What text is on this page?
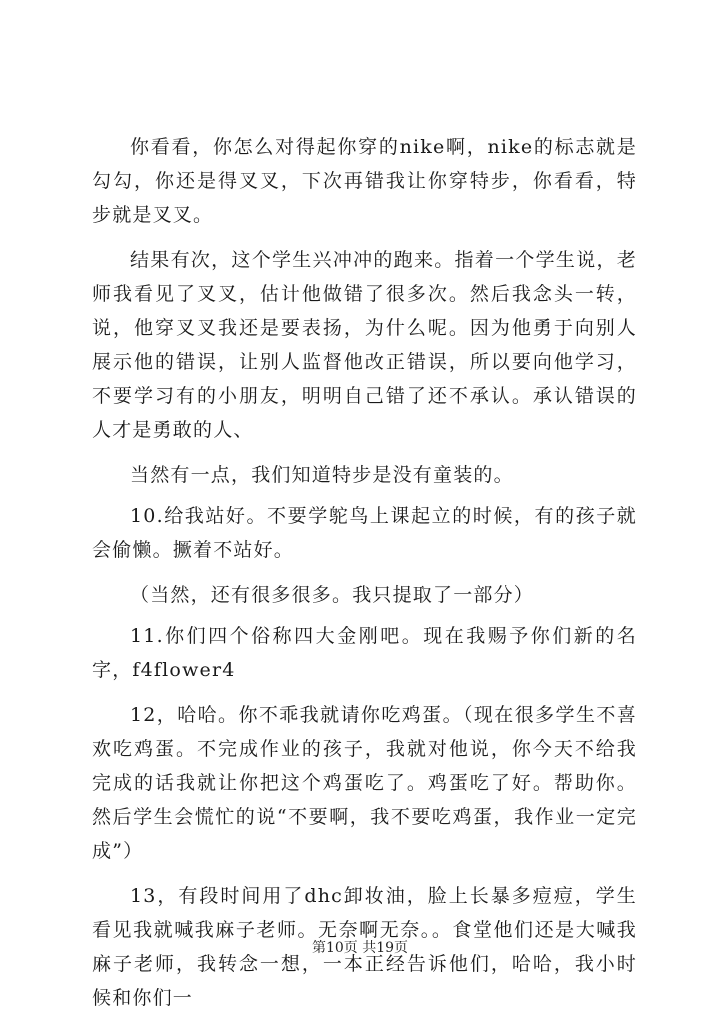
你看看，你怎么对得起你穿的nike啊，nike的标志就是勾勾，你还是得叉叉，下次再错我让你穿特步，你看看，特步就是叉叉。

结果有次，这个学生兴冲冲的跑来。指着一个学生说，老师我看见了叉叉，估计他做错了很多次。然后我念头一转，说，他穿叉叉我还是要表扬，为什么呢。因为他勇于向别人展示他的错误，让别人监督他改正错误，所以要向他学习，不要学习有的小朋友，明明自己错了还不承认。承认错误的人才是勇敢的人、

当然有一点，我们知道特步是没有童装的。

10.给我站好。不要学鸵鸟上课起立的时候，有的孩子就会偷懒。撅着不站好。

（当然，还有很多很多。我只提取了一部分）

11.你们四个俗称四大金刚吧。现在我赐予你们新的名字，f4flower4

12，哈哈。你不乖我就请你吃鸡蛋。（现在很多学生不喜欢吃鸡蛋。不完成作业的孩子，我就对他说，你今天不给我完成的话我就让你把这个鸡蛋吃了。鸡蛋吃了好。帮助你。然后学生会慌忙的说“不要啊，我不要吃鸡蛋，我作业一定完成”）

13，有段时间用了dhc卸妆油，脸上长暴多痘痘，学生看见我就喊我麻子老师。无奈啊无奈。。食堂他们还是大喊我麻子老师，我转念一想，一本正经告诉他们，哈哈，我小时候和你们一

第10页 共19页
